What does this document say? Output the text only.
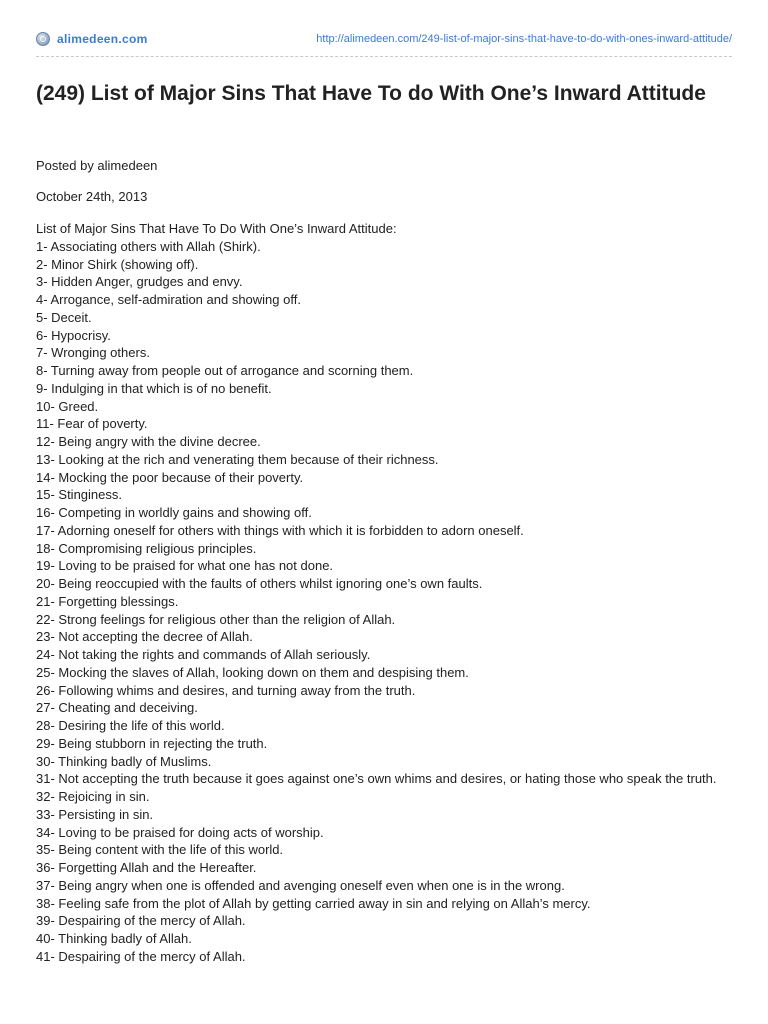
alimedeen.com	http://alimedeen.com/249-list-of-major-sins-that-have-to-do-with-ones-inward-attitude/
(249) List of Major Sins That Have To do With One’s Inward Attitude

Posted by alimedeen

October 24th, 2013

List of Major Sins That Have To Do With One’s Inward Attitude:
1- Associating others with Allah (Shirk).
2- Minor Shirk (showing off).
3- Hidden Anger, grudges and envy.
4- Arrogance, self-admiration and showing off.
5- Deceit.
6- Hypocrisy.
7- Wronging others.
8- Turning away from people out of arrogance and scorning them.
9- Indulging in that which is of no benefit.
10- Greed.
11- Fear of poverty.
12- Being angry with the divine decree.
13- Looking at the rich and venerating them because of their richness.
14- Mocking the poor because of their poverty.
15- Stinginess.
16- Competing in worldly gains and showing off.
17- Adorning oneself for others with things with which it is forbidden to adorn oneself.
18- Compromising religious principles.
19- Loving to be praised for what one has not done.
20- Being reoccupied with the faults of others whilst ignoring one’s own faults.
21- Forgetting blessings.
22- Strong feelings for religious other than the religion of Allah.
23- Not accepting the decree of Allah.
24- Not taking the rights and commands of Allah seriously.
25- Mocking the slaves of Allah, looking down on them and despising them.
26- Following whims and desires, and turning away from the truth.
27- Cheating and deceiving.
28- Desiring the life of this world.
29- Being stubborn in rejecting the truth.
30- Thinking badly of Muslims.
31- Not accepting the truth because it goes against one’s own whims and desires, or hating those who speak the truth.
32- Rejoicing in sin.
33- Persisting in sin.
34- Loving to be praised for doing acts of worship.
35- Being content with the life of this world.
36- Forgetting Allah and the Hereafter.
37- Being angry when one is offended and avenging oneself even when one is in the wrong.
38- Feeling safe from the plot of Allah by getting carried away in sin and relying on Allah’s mercy.
39- Despairing of the mercy of Allah.
40- Thinking badly of Allah.
41- Despairing of the mercy of Allah.
